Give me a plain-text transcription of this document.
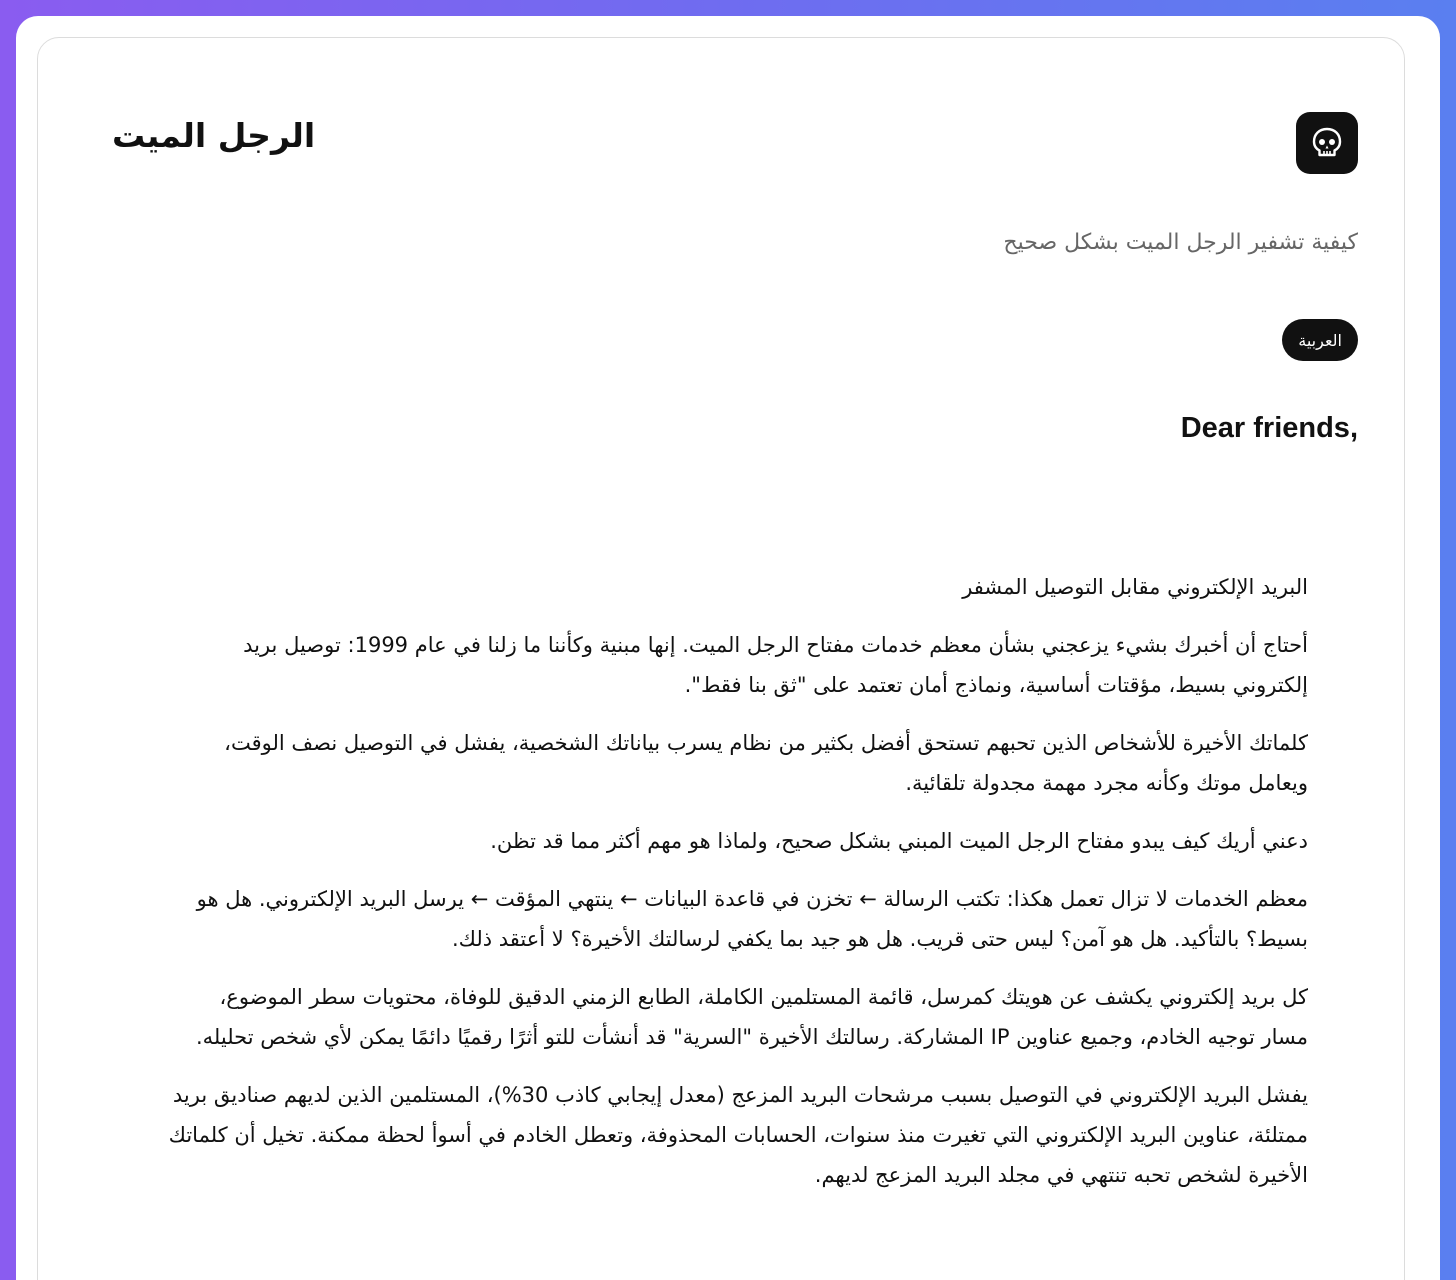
الرجل الميت

كيفية تشفير الرجل الميت بشكل صحيح

العربية
,Dear friends

البريد الإلكتروني مقابل التوصيل المشفر

أحتاج أن أخبرك بشيء يزعجني بشأن معظم خدمات مفتاح الرجل الميت. إنها مبنية وكأننا ما زلنا في عام 1999: توصيل بريد إلكتروني بسيط، مؤقتات أساسية، ونماذج أمان تعتمد على "ثق بنا فقط".

كلماتك الأخيرة للأشخاص الذين تحبهم تستحق أفضل بكثير من نظام يسرب بياناتك الشخصية، يفشل في التوصيل نصف الوقت، ويعامل موتك وكأنه مجرد مهمة مجدولة تلقائية.

دعني أريك كيف يبدو مفتاح الرجل الميت المبني بشكل صحيح، ولماذا هو مهم أكثر مما قد تظن.

معظم الخدمات لا تزال تعمل هكذا: تكتب الرسالة ← تخزن في قاعدة البيانات ← ينتهي المؤقت ← يرسل البريد الإلكتروني. هل هو بسيط؟ بالتأكيد. هل هو آمن؟ ليس حتى قريب. هل هو جيد بما يكفي لرسالتك الأخيرة؟ لا أعتقد ذلك.

كل بريد إلكتروني يكشف عن هويتك كمرسل، قائمة المستلمين الكاملة، الطابع الزمني الدقيق للوفاة، محتويات سطر الموضوع، مسار توجيه الخادم، وجميع عناوين IP المشاركة. رسالتك الأخيرة "السرية" قد أنشأت للتو أثرًا رقميًا دائمًا يمكن لأي شخص تحليله.

يفشل البريد الإلكتروني في التوصيل بسبب مرشحات البريد المزعج (معدل إيجابي كاذب 30%)، المستلمين الذين لديهم صناديق بريد ممتلئة، عناوين البريد الإلكتروني التي تغيرت منذ سنوات، الحسابات المحذوفة، وتعطل الخادم في أسوأ لحظة ممكنة. تخيل أن كلماتك الأخيرة لشخص تحبه تنتهي في مجلد البريد المزعج لديهم.
